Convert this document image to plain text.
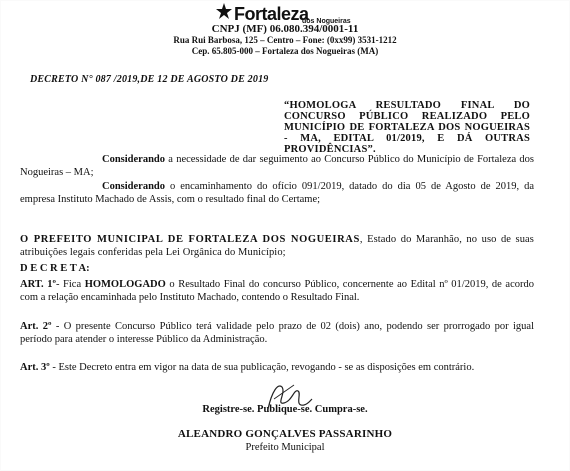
Fortaleza
dos Nogueiras
CNPJ (MF) 06.080.394/0001-11
Rua Rui Barbosa, 125 – Centro – Fone: (0xx99) 3531-1212
Cep. 65.805-000 – Fortaleza dos Nogueiras (MA)
DECRETO N° 087 /2019,DE 12 DE AGOSTO DE 2019
“HOMOLOGA RESULTADO FINAL DO CONCURSO PÚBLICO REALIZADO PELO MUNICÍPIO DE FORTALEZA DOS NOGUEIRAS - MA, EDITAL 01/2019, E DÁ OUTRAS PROVIDÊNCIAS”.
Considerando a necessidade de dar seguimento ao Concurso Público do Município de Fortaleza dos Nogueiras – MA;
Considerando o encaminhamento do ofício 091/2019, datado do dia 05 de Agosto de 2019, da empresa Instituto Machado de Assis, com o resultado final do Certame;
O PREFEITO MUNICIPAL DE FORTALEZA DOS NOGUEIRAS, Estado do Maranhão, no uso de suas atribuições legais conferidas pela Lei Orgânica do Município;
D E C R E T A:
ART. 1º- Fica HOMOLOGADO o Resultado Final do concurso Público, concernente ao Edital nº 01/2019, de acordo com a relação encaminhada pelo Instituto Machado, contendo o Resultado Final.
Art. 2º - O presente Concurso Público terá validade pelo prazo de 02 (dois) ano, podendo ser prorrogado por igual período para atender o interesse Público da Administração.
Art. 3º - Este Decreto entra em vigor na data de sua publicação, revogando - se as disposições em contrário.
Registre-se. Publique-se. Cumpra-se.
ALEANDRO GONÇALVES PASSARINHO
Prefeito Municipal
